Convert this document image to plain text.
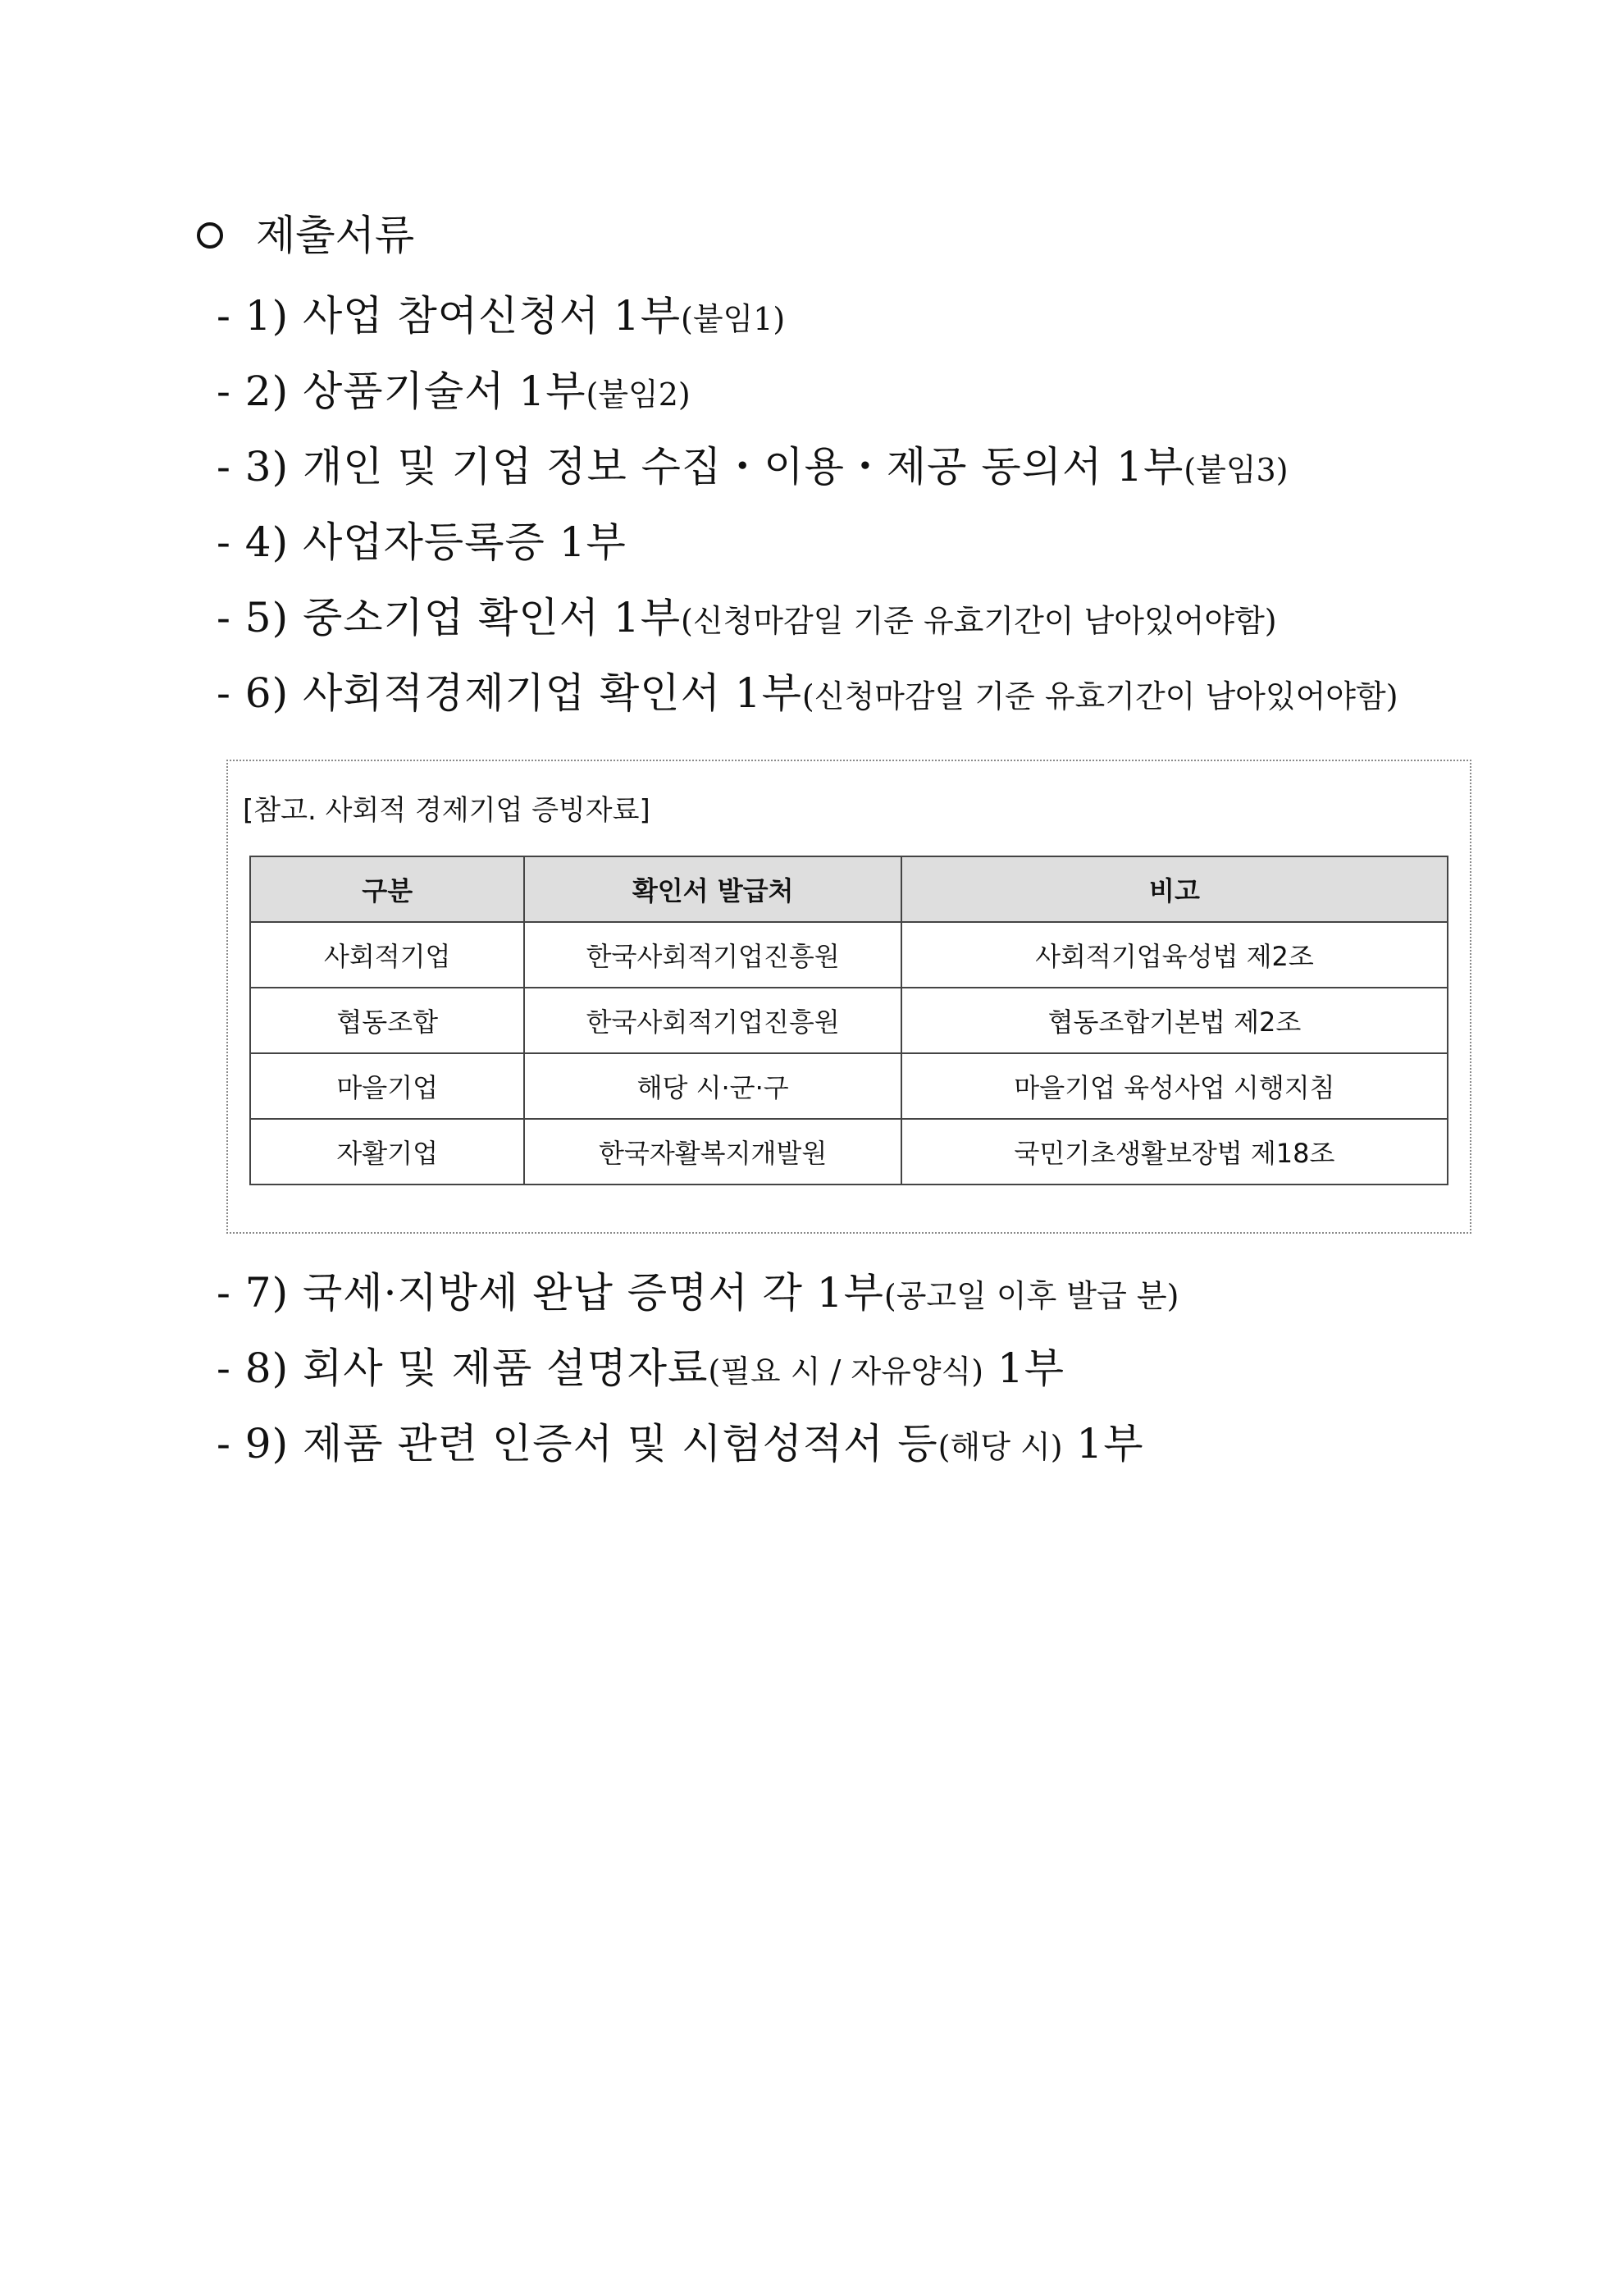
제출서류
- 1) 사업 참여신청서 1부(붙임1)
- 2) 상품기술서 1부(붙임2)
- 3) 개인 및 기업 정보 수집・이용・제공 동의서 1부(붙임3)
- 4) 사업자등록증 1부
- 5) 중소기업 확인서 1부(신청마감일 기준 유효기간이 남아있어야함)
- 6) 사회적경제기업 확인서 1부(신청마감일 기준 유효기간이 남아있어야함)
[참고. 사회적 경제기업 증빙자료]
구분	확인서 발급처	비고
사회적기업	한국사회적기업진흥원	사회적기업육성법 제2조
협동조합	한국사회적기업진흥원	협동조합기본법 제2조
마을기업	해당 시·군·구	마을기업 육성사업 시행지침
자활기업	한국자활복지개발원	국민기초생활보장법 제18조
- 7) 국세·지방세 완납 증명서 각 1부(공고일 이후 발급 분)
- 8) 회사 및 제품 설명자료(필요 시 / 자유양식) 1부
- 9) 제품 관련 인증서 및 시험성적서 등(해당 시) 1부
